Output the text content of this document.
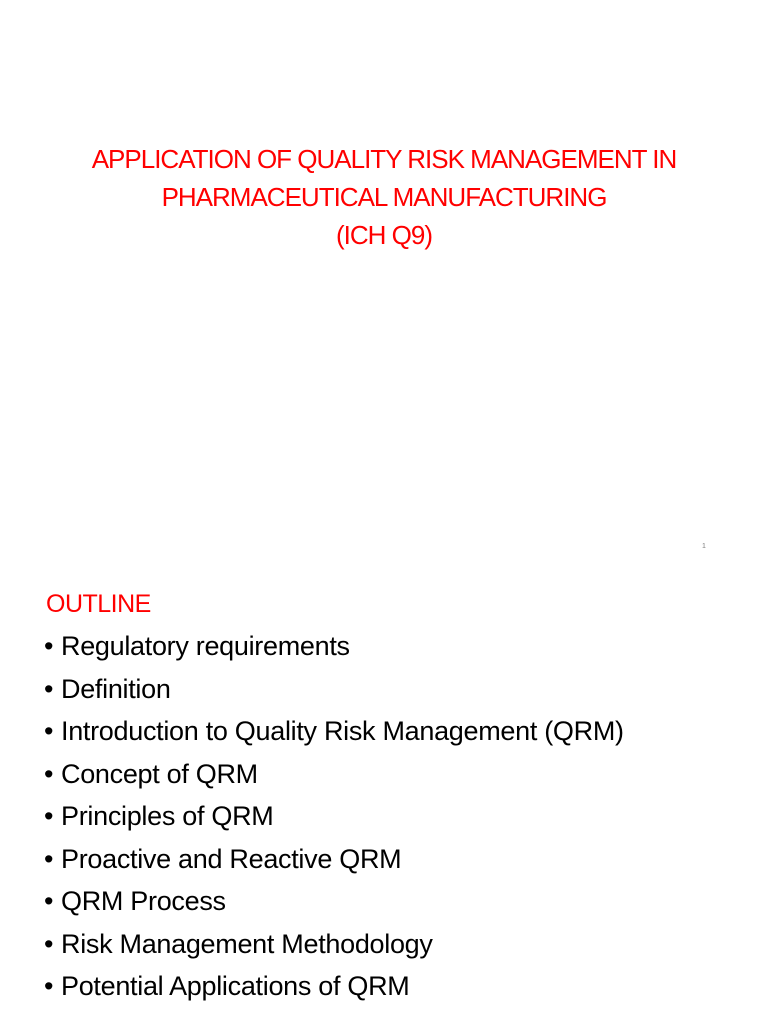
APPLICATION OF QUALITY RISK MANAGEMENT IN
PHARMACEUTICAL MANUFACTURING
(ICH Q9)
1
OUTLINE
• Regulatory requirements
• Definition
• Introduction to Quality Risk Management (QRM)
• Concept of QRM
• Principles of QRM
• Proactive and Reactive QRM
• QRM Process
• Risk Management Methodology
• Potential Applications of QRM
